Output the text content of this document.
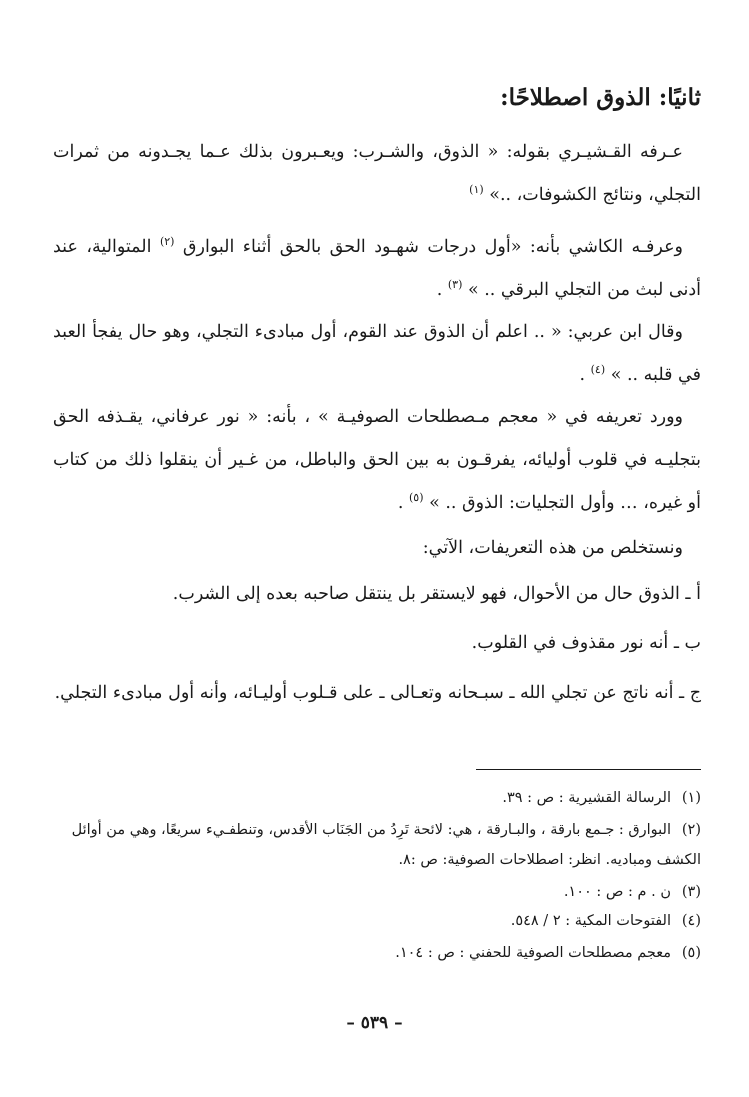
ثانيًا: الذوق اصطلاحًا:
عـرفه القـشيـري بقوله: « الذوق، والشـرب: ويعـبرون بذلك عـما يجـدونه من ثمرات التجلي، ونتائج الكشوفات، ..» $^{(١)}$
وعرفـه الكاشي بأنه: «أول درجات شهـود الحق بالحق أثناء البوارق $^{(٢)}$ المتوالية، عند أدنى لبث من التجلي البرقي .. » $^{(٣)}$ .
وقال ابن عربي: « .. اعلم أن الذوق عند القوم، أول مبادىء التجلي، وهو حال يفجأ العبد في قلبه .. » $^{(٤)}$ .
وورد تعريفه في « معجم مـصطلحات الصوفيـة » ، بأنه: « نور عرفاني، يقـذفه الحق بتجليـه في قلوب أوليائه، يفرقـون به بين الحق والباطل، من غـير أن ينقلوا ذلك من كتاب أو غيره، … وأول التجليات: الذوق .. » $^{(٥)}$ .
ونستخلص من هذه التعريفات، الآتي:
أ ـ الذوق حال من الأحوال، فهو لايستقر بل ينتقل صاحبه بعده إلى الشرب.
ب ـ أنه نور مقذوف في القلوب.
ج ـ أنه ناتج عن تجلي الله ـ سبـحانه وتعـالى ـ على قـلوب أوليـائه، وأنه أول مبادىء التجلي.
(١)الرسالة القشيرية : ص : ٣٩.
(٢)البوارق : جـمع بارقة ، والبـارقة ، هي: لائحة تَرِدُ من الجَنَاب الأقدس، وتنطفـيء سريعًا، وهي من أوائل الكشف ومباديه. انظر: اصطلاحات الصوفية: ص :٨.
(٣)ن . م : ص : ١٠٠.
(٤)الفتوحات المكية : ٢ / ٥٤٨.
(٥)معجم مصطلحات الصوفية للحفني : ص : ١٠٤.
– ٥٣٩ –
